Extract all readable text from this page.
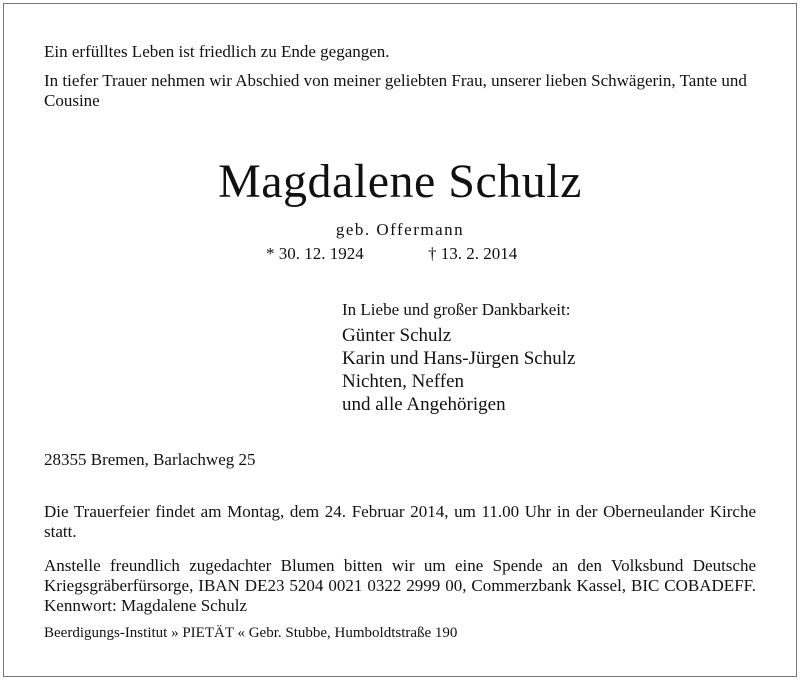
Ein erfülltes Leben ist friedlich zu Ende gegangen.

In tiefer Trauer nehmen wir Abschied von meiner geliebten Frau, unserer lieben Schwägerin, Tante und Cousine

Magdalene Schulz

geb. Offermann

* 30. 12. 1924	† 13. 2. 2014

In Liebe und großer Dankbarkeit:

Günter Schulz

Karin und Hans-Jürgen Schulz

Nichten, Neffen

und alle Angehörigen

28355 Bremen, Barlachweg 25

Die Trauerfeier findet am Montag, dem 24. Februar 2014, um 11.00 Uhr in der Oberneulander Kirche statt.

Anstelle freundlich zugedachter Blumen bitten wir um eine Spende an den Volksbund Deutsche Kriegsgräberfürsorge, IBAN DE23 5204 0021 0322 2999 00, Commerzbank Kassel, BIC COBADEFF. Kennwort: Magdalene Schulz

Beerdigungs-Institut » PIETÄT « Gebr. Stubbe, Humboldtstraße 190
